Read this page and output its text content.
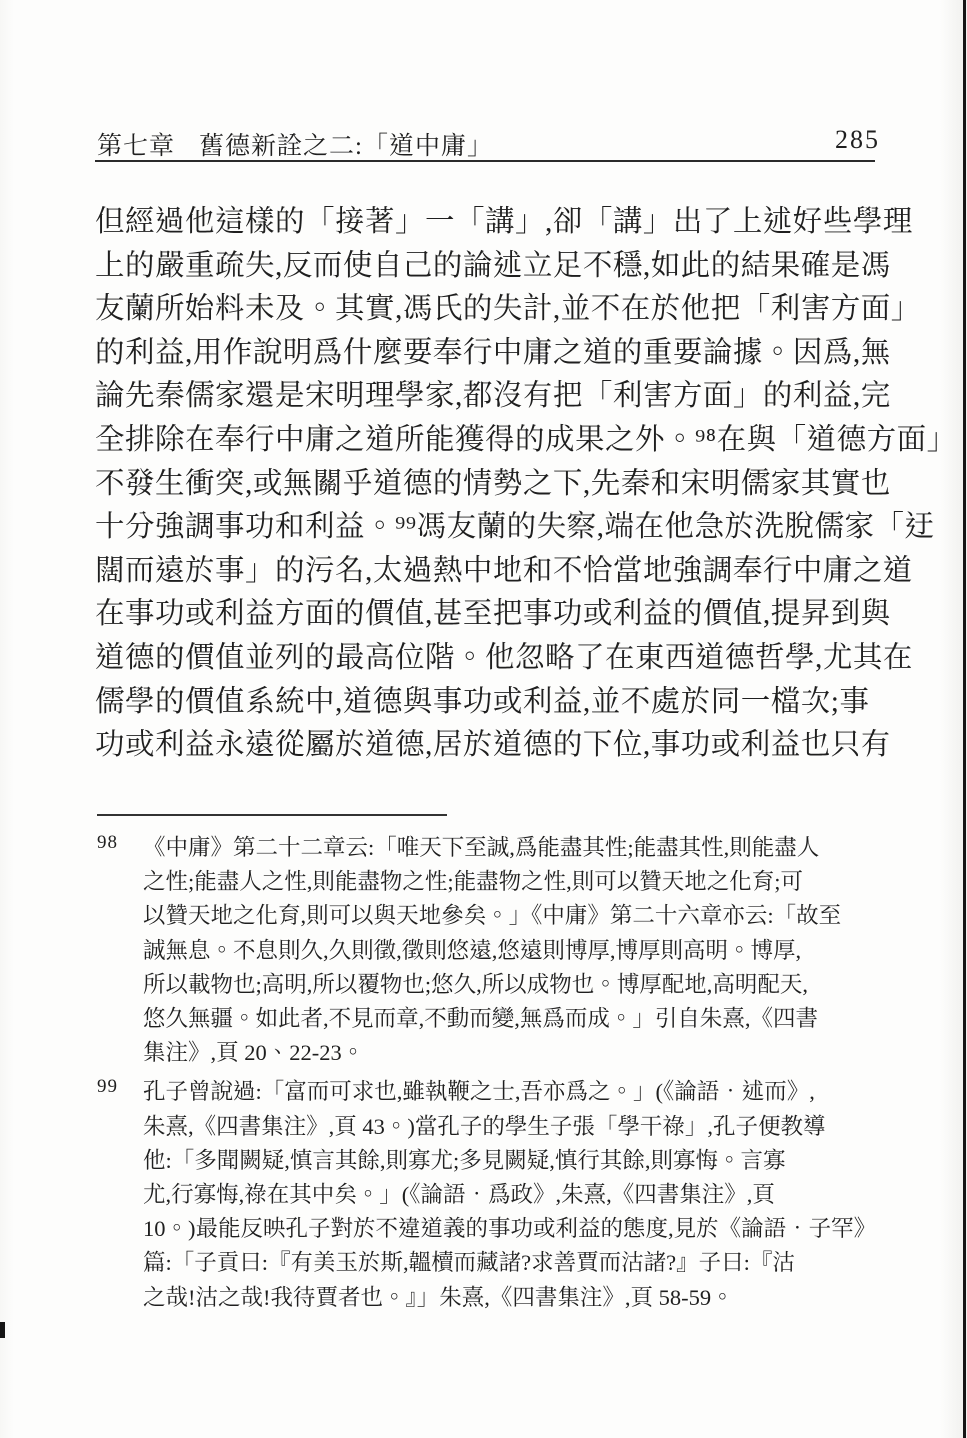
第七章 舊德新詮之二:「道中庸」	285
但經過他這樣的「接著」一「講」,卻「講」出了上述好些學理
上的嚴重疏失,反而使自己的論述立足不穩,如此的結果確是馮
友蘭所始料未及。其實,馮氏的失計,並不在於他把「利害方面」
的利益,用作說明爲什麼要奉行中庸之道的重要論據。因爲,無
論先秦儒家還是宋明理學家,都沒有把「利害方面」的利益,完
全排除在奉行中庸之道所能獲得的成果之外。⁹⁸在與「道德方面」
不發生衝突,或無關乎道德的情勢之下,先秦和宋明儒家其實也
十分強調事功和利益。⁹⁹馮友蘭的失察,端在他急於洗脫儒家「迂
闊而遠於事」的污名,太過熱中地和不恰當地強調奉行中庸之道
在事功或利益方面的價值,甚至把事功或利益的價值,提昇到與
道德的價值並列的最高位階。他忽略了在東西道德哲學,尤其在
儒學的價值系統中,道德與事功或利益,並不處於同一檔次;事
功或利益永遠從屬於道德,居於道德的下位,事功或利益也只有
98 《中庸》第二十二章云:「唯天下至誠,爲能盡其性;能盡其性,則能盡人
之性;能盡人之性,則能盡物之性;能盡物之性,則可以贊天地之化育;可
以贊天地之化育,則可以與天地參矣。」《中庸》第二十六章亦云:「故至
誠無息。不息則久,久則徵,徵則悠遠,悠遠則博厚,博厚則高明。博厚,
所以載物也;高明,所以覆物也;悠久,所以成物也。博厚配地,高明配天,
悠久無疆。如此者,不見而章,不動而變,無爲而成。」引自朱熹,《四書
集注》,頁 20、22-23。
99 孔子曾說過:「富而可求也,雖執鞭之士,吾亦爲之。」(《論語‧述而》,
朱熹,《四書集注》,頁 43。)當孔子的學生子張「學干祿」,孔子便教導
他:「多聞闕疑,慎言其餘,則寡尤;多見闕疑,慎行其餘,則寡悔。言寡
尤,行寡悔,祿在其中矣。」(《論語‧爲政》,朱熹,《四書集注》,頁
10。)最能反映孔子對於不違道義的事功或利益的態度,見於《論語‧子罕》
篇:「子貢曰:『有美玉於斯,韞櫝而藏諸?求善賈而沽諸?』子曰:『沽
之哉!沽之哉!我待賈者也。』」朱熹,《四書集注》,頁 58-59。
